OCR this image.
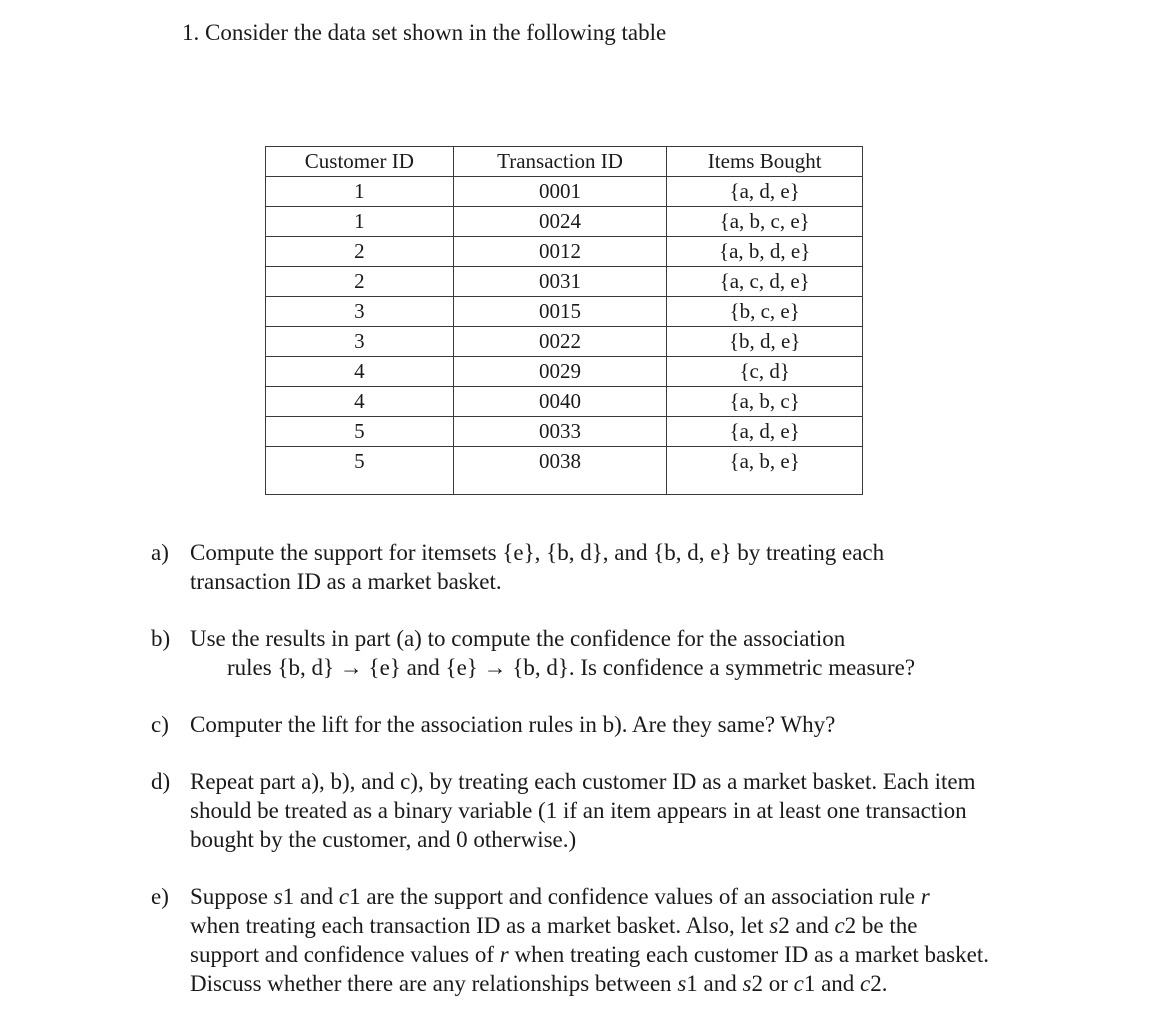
1. Consider the data set shown in the following table
Customer ID	Transaction ID	Items Bought
1	0001	{a, d, e}
1	0024	{a, b, c, e}
2	0012	{a, b, d, e}
2	0031	{a, c, d, e}
3	0015	{b, c, e}
3	0022	{b, d, e}
4	0029	{c, d}
4	0040	{a, b, c}
5	0033	{a, d, e}
5	0038	{a, b, e}
a) Compute the support for itemsets {e}, {b, d}, and {b, d, e} by treating each
transaction ID as a market basket.
b) Use the results in part (a) to compute the confidence for the association
rules {b, d} → {e} and {e} → {b, d}. Is confidence a symmetric measure?
c) Computer the lift for the association rules in b). Are they same? Why?
d) Repeat part a), b), and c), by treating each customer ID as a market basket. Each item
should be treated as a binary variable (1 if an item appears in at least one transaction
bought by the customer, and 0 otherwise.)
e) Suppose s1 and c1 are the support and confidence values of an association rule r
when treating each transaction ID as a market basket. Also, let s2 and c2 be the
support and confidence values of r when treating each customer ID as a market basket.
Discuss whether there are any relationships between s1 and s2 or c1 and c2.
